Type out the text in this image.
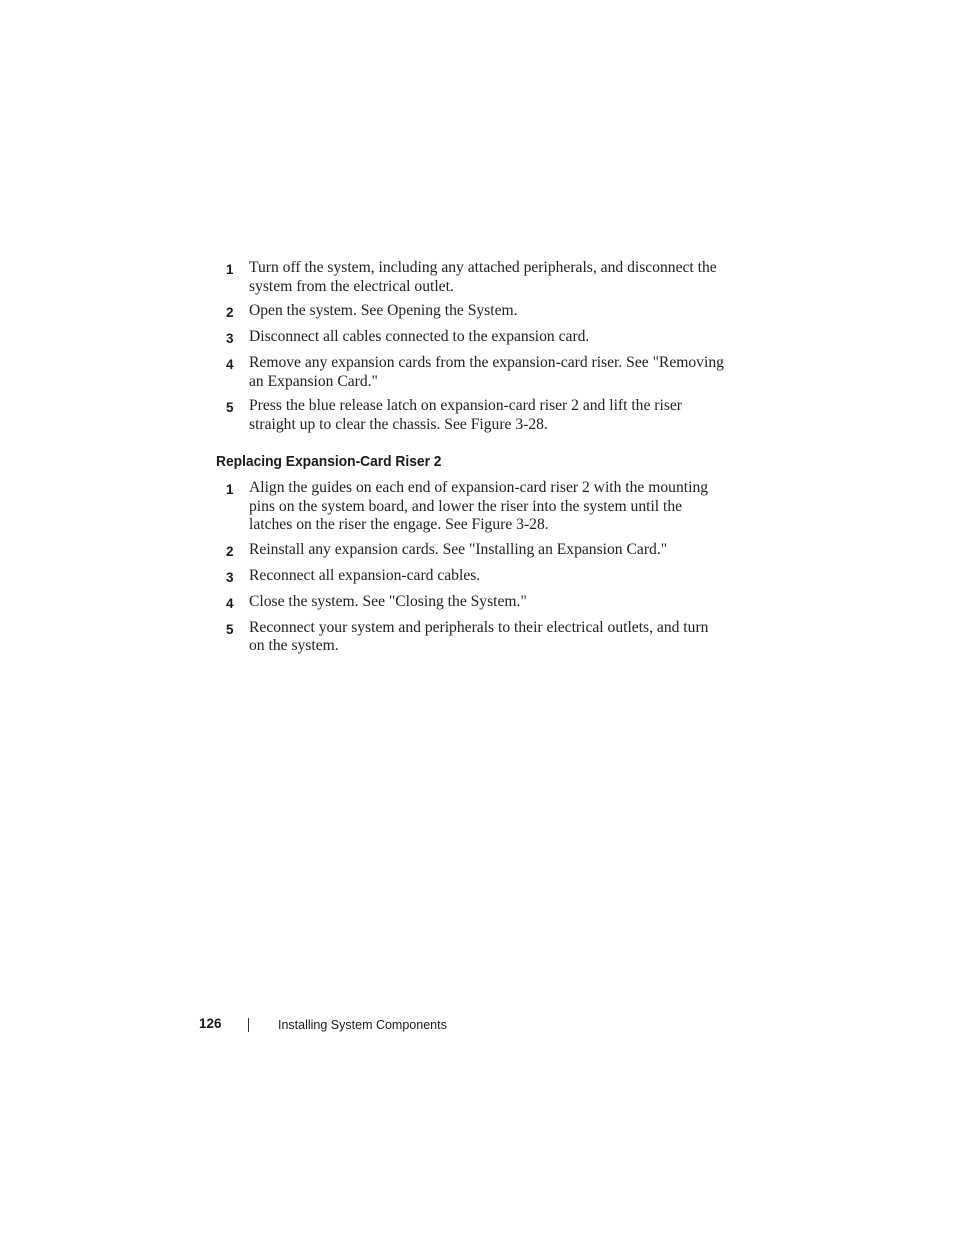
1 Turn off the system, including any attached peripherals, and disconnect the system from the electrical outlet.
2 Open the system. See Opening the System.
3 Disconnect all cables connected to the expansion card.
4 Remove any expansion cards from the expansion-card riser. See "Removing an Expansion Card."
5 Press the blue release latch on expansion-card riser 2 and lift the riser straight up to clear the chassis. See Figure 3-28.
Replacing Expansion-Card Riser 2
1 Align the guides on each end of expansion-card riser 2 with the mounting pins on the system board, and lower the riser into the system until the latches on the riser the engage. See Figure 3-28.
2 Reinstall any expansion cards. See "Installing an Expansion Card."
3 Reconnect all expansion-card cables.
4 Close the system. See "Closing the System."
5 Reconnect your system and peripherals to their electrical outlets, and turn on the system.
126	Installing System Components
